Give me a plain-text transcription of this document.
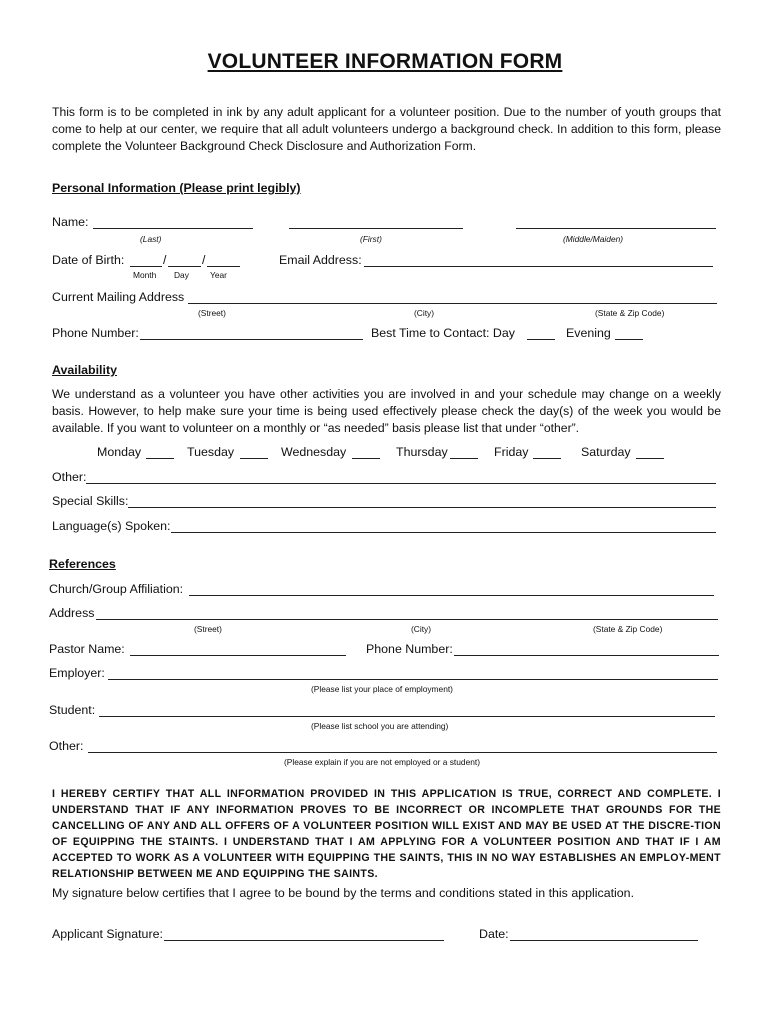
VOLUNTEER INFORMATION FORM
This form is to be completed in ink by any adult applicant for a volunteer position. Due to the number of youth groups that come to help at our center, we require that all adult volunteers undergo a background check. In addition to this form, please complete the Volunteer Background Check Disclosure and Authorization Form.
Personal Information (Please print legibly)
Name:
(Last)	(First)	(Middle/Maiden)
Date of Birth:	/	/
Month Day	Year
Email Address:
Current Mailing Address
(Street)	(City)	(State & Zip Code)
Phone Number:	Best Time to Contact: Day	Evening
Availability
We understand as a volunteer you have other activities you are involved in and your schedule may change on a weekly basis. However, to help make sure your time is being used effectively please check the day(s) of the week you would be available. If you want to volunteer on a monthly or “as needed” basis please list that under “other”.
Monday	Tuesday	Wednesday	Thursday	Friday	Saturday
Other:
Special Skills:
Language(s) Spoken:
References
Church/Group Affiliation:
Address
(Street)	(City)	(State & Zip Code)
Pastor Name:	Phone Number:
Employer:
(Please list your place of employment)
Student:
(Please list school you are attending)
Other:
(Please explain if you are not employed or a student)
I HEREBY CERTIFY THAT ALL INFORMATION PROVIDED IN THIS APPLICATION IS TRUE, CORRECT AND COMPLETE. I UNDERSTAND THAT IF ANY INFORMATION PROVES TO BE INCORRECT OR INCOMPLETE THAT GROUNDS FOR THE CANCELLING OF ANY AND ALL OFFERS OF A VOLUNTEER POSITION WILL EXIST AND MAY BE USED AT THE DISCRE-TION OF EQUIPPING THE STAINTS. I UNDERSTAND THAT I AM APPLYING FOR A VOLUNTEER POSITION AND THAT IF I AM ACCEPTED TO WORK AS A VOLUNTEER WITH EQUIPPING THE SAINTS, THIS IN NO WAY ESTABLISHES AN EMPLOY-MENT RELATIONSHIP BETWEEN ME AND EQUIPPING THE SAINTS.
My signature below certifies that I agree to be bound by the terms and conditions stated in this application.
Applicant Signature:	Date:
